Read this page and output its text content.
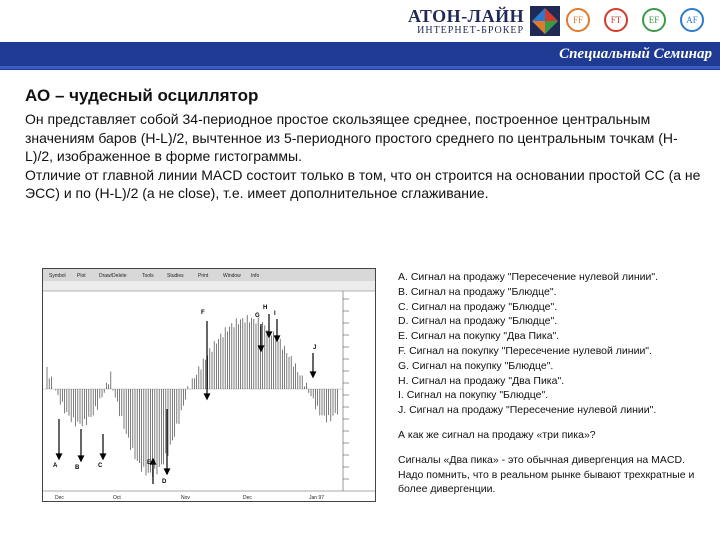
АТОН-ЛАЙН
ИНТЕРНЕТ-БРОКЕР
FF	FT	EF	AF
Специальный Семинар
АО – чудесный осциллятор
Он представляет собой 34-периодное простое скользящее среднее, построенное центральным значениям баров (H-L)/2, вычтенное из 5-периодного простого среднего по центральным точкам (H-L)/2, изображенное в форме гистограммы.
Отличие от главной линии MACD состоит только в том, что он строится на основании простой СС (а не ЭСС) и по (H-L)/2 (а не close), т.е. имеет дополнительное сглаживание.
Symbol Plot	Draw/Delete	Tools	Studies	Print	Window Info
Dec	Oct	Nov	Dec	Jan 97
A	B	C
D
E
F	G
H
I
J

A. Сигнал на продажу "Пересечение нулевой линии".

B. Сигнал на продажу "Блюдце".

C. Сигнал на продажу "Блюдце".

D. Сигнал на продажу "Блюдце".

E. Сигнал на покупку "Два Пика".

F. Сигнал на покупку "Пересечение нулевой линии".

G. Сигнал на покупку "Блюдце".

H. Сигнал на продажу "Два Пика".

I. Сигнал на покупку "Блюдце".

J. Сигнал на продажу "Пересечение нулевой линии".

А как же сигнал на продажу «три пика»?

Сигналы «Два пика» - это обычная дивергенция на MACD. Надо помнить, что в реальном рынке бывают трехкратные и более дивергенции.
